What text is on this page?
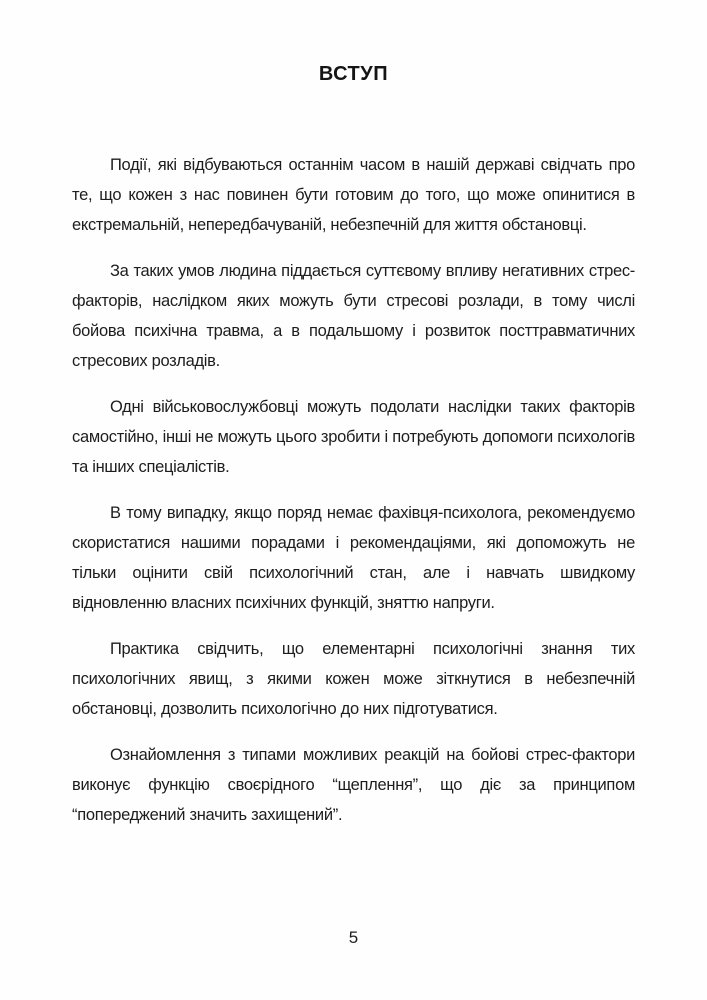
ВСТУП

Події, які відбуваються останнім часом в нашій державі свідчать про те, що кожен з нас повинен бути готовим до того, що може опинитися в екстремальній, непередбачуваній, небезпечній для життя обстановці.

За таких умов людина піддається суттєвому впливу негативних стрес-факторів, наслідком яких можуть бути стресові розлади, в тому числі бойова психічна травма, а в подальшому і розвиток посттравматичних стресових розладів.

Одні військовослужбовці можуть подолати наслідки таких факторів самостійно, інші не можуть цього зробити і потребують допомоги психологів та інших спеціалістів.

В тому випадку, якщо поряд немає фахівця-психолога, рекомендуємо скористатися нашими порадами і рекомендаціями, які допоможуть не тільки оцінити свій психологічний стан, але і навчать швидкому відновленню власних психічних функцій, зняттю напруги.

Практика свідчить, що елементарні психологічні знання тих психологічних явищ, з якими кожен може зіткнутися в небезпечній обстановці, дозволить психологічно до них підготуватися.

Ознайомлення з типами можливих реакцій на бойові стрес-фактори виконує функцію своєрідного “щеплення”, що діє за принципом “попереджений значить захищений”.

5
